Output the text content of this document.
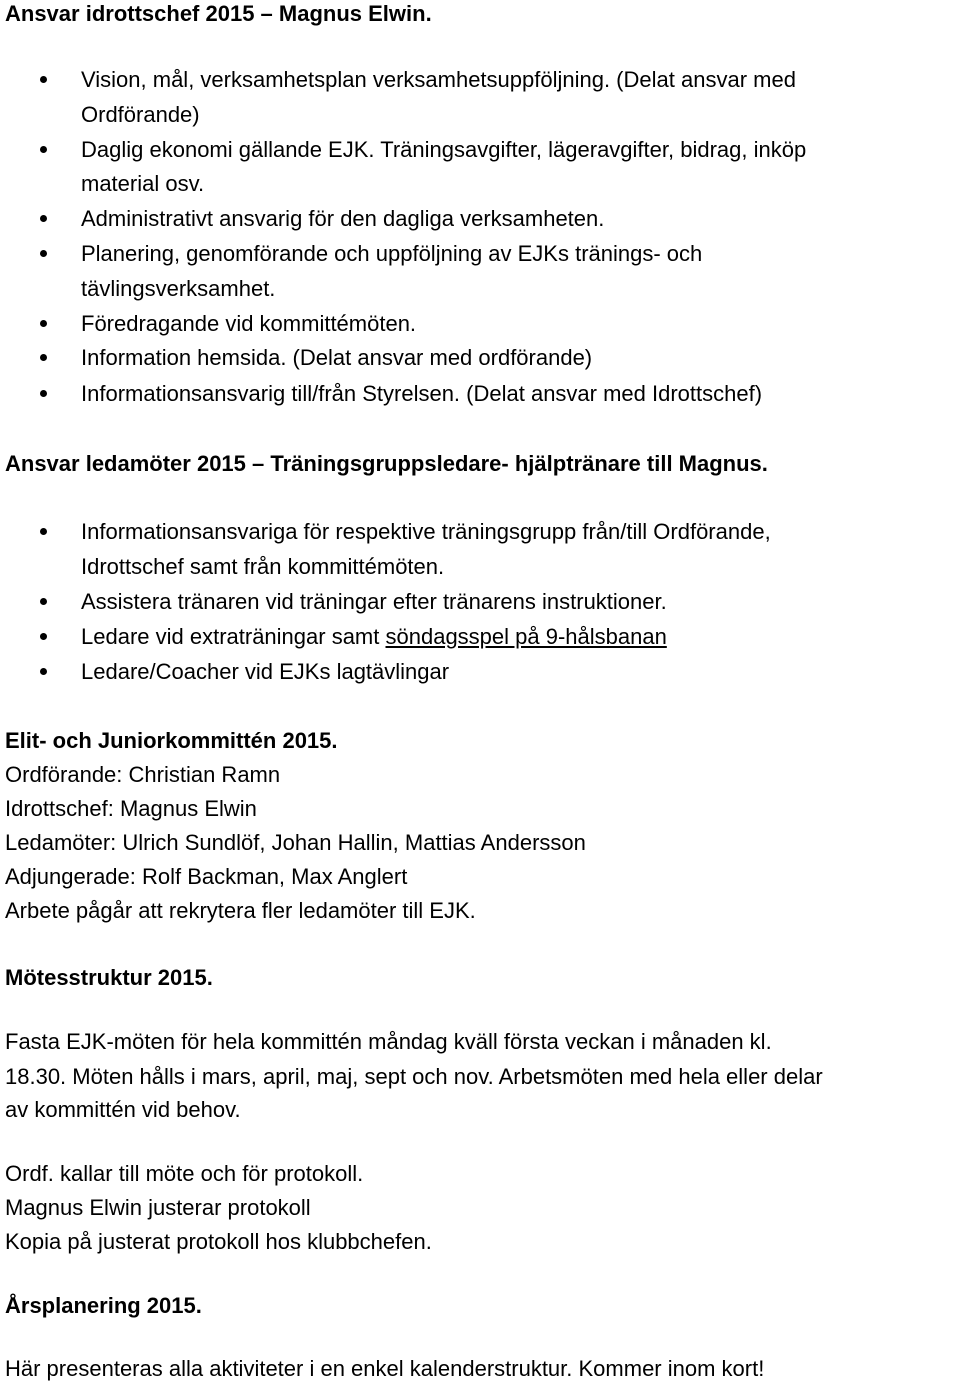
Ansvar idrottschef 2015 – Magnus Elwin.
Vision, mål, verksamhetsplan verksamhetsuppföljning. (Delat ansvar med
Ordförande)
Daglig ekonomi gällande EJK. Träningsavgifter, lägeravgifter, bidrag, inköp
material osv.
Administrativt ansvarig för den dagliga verksamheten.
Planering, genomförande och uppföljning av EJKs tränings- och
tävlingsverksamhet.
Föredragande vid kommittémöten.
Information hemsida. (Delat ansvar med ordförande)
Informationsansvarig till/från Styrelsen. (Delat ansvar med Idrottschef)
Ansvar ledamöter 2015 – Träningsgruppsledare- hjälptränare till Magnus.
Informationsansvariga för respektive träningsgrupp från/till Ordförande,
Idrottschef samt från kommittémöten.
Assistera tränaren vid träningar efter tränarens instruktioner.
Ledare vid extraträningar samt söndagsspel på 9-hålsbanan
Ledare/Coacher vid EJKs lagtävlingar
Elit- och Juniorkommittén 2015.
Ordförande: Christian Ramn
Idrottschef: Magnus Elwin
Ledamöter: Ulrich Sundlöf, Johan Hallin, Mattias Andersson
Adjungerade: Rolf Backman, Max Anglert
Arbete pågår att rekrytera fler ledamöter till EJK.
Mötesstruktur 2015.
Fasta EJK-möten för hela kommittén måndag kväll första veckan i månaden kl.
18.30. Möten hålls i mars, april, maj, sept och nov. Arbetsmöten med hela eller delar
av kommittén vid behov.
Ordf. kallar till möte och för protokoll.
Magnus Elwin justerar protokoll
Kopia på justerat protokoll hos klubbchefen.
Årsplanering 2015.
Här presenteras alla aktiviteter i en enkel kalenderstruktur. Kommer inom kort!
